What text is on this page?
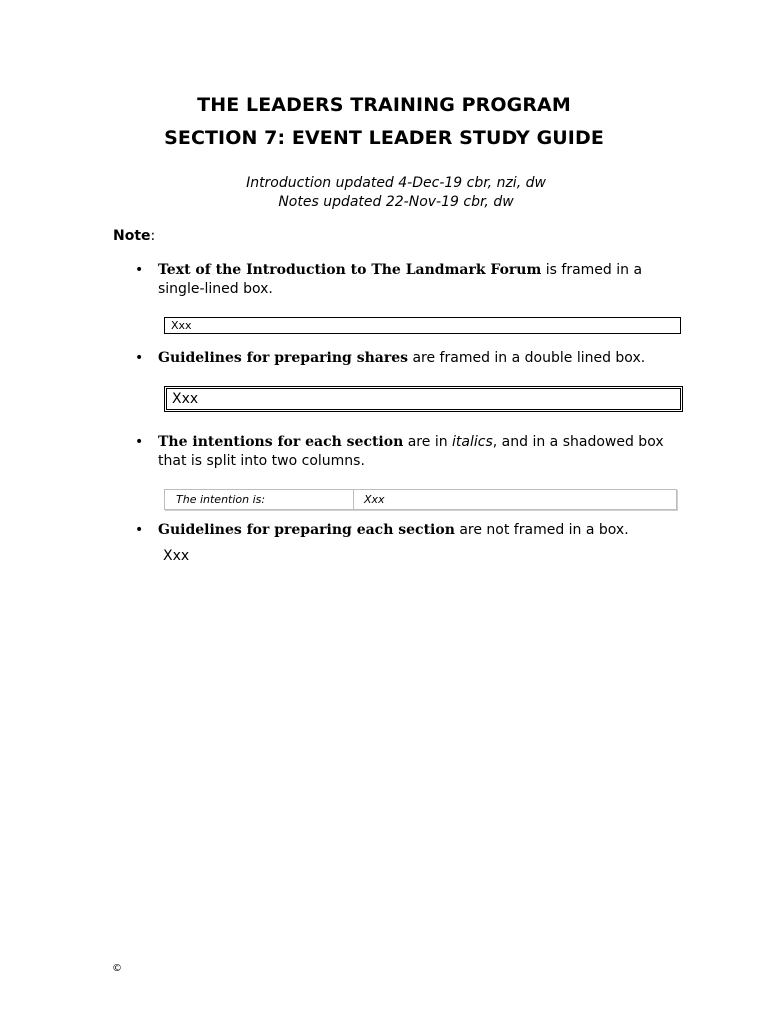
THE LEADERS TRAINING PROGRAM
SECTION 7: EVENT LEADER STUDY GUIDE
Introduction updated 4-Dec-19 cbr, nzi, dw
Notes updated 22-Nov-19 cbr, dw
Note:
• Text of the Introduction to The Landmark Forum is framed in a single-lined box.
Xxx
• Guidelines for preparing shares are framed in a double lined box.
Xxx
• The intentions for each section are in italics, and in a shadowed box that is split into two columns.
The intention is:	Xxx
• Guidelines for preparing each section are not framed in a box.
Xxx
©
